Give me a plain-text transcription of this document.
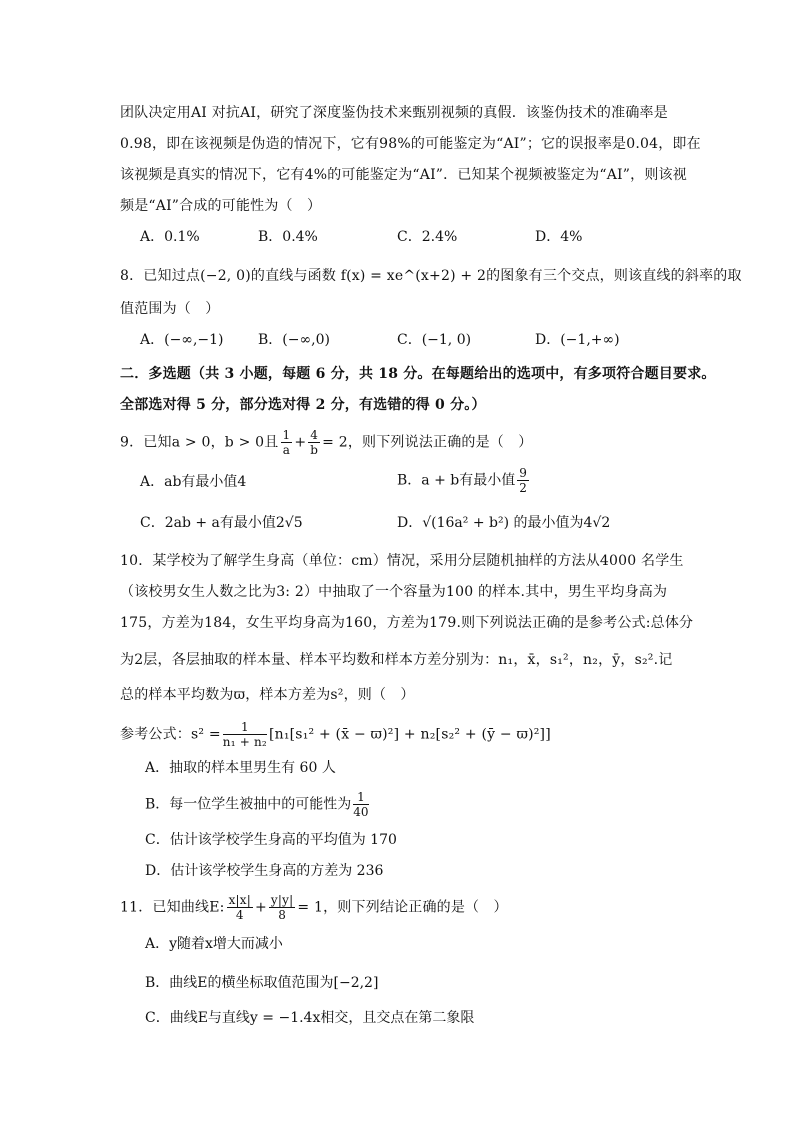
团队决定用AI 对抗AI，研究了深度鉴伪技术来甄别视频的真假．该鉴伪技术的准确率是
0.98，即在该视频是伪造的情况下，它有98%的可能鉴定为“AI”；它的误报率是0.04，即在
该视频是真实的情况下，它有4%的可能鉴定为“AI”．已知某个视频被鉴定为“AI”，则该视
频是“AI”合成的可能性为（　）
A．0.1%	B．0.4%	C．2.4%	D．4%
8．已知过点(−2, 0)的直线与函数 f(x) = xe^(x+2) + 2的图象有三个交点，则该直线的斜率的取
值范围为（　）
A．(−∞,−1) B．(−∞,0)	C．(−1, 0)	D．(−1,+∞)
二．多选题（共 3 小题，每题 6 分，共 18 分。在每题给出的选项中，有多项符合题目要求。
全部选对得 5 分，部分选对得 2 分，有选错的得 0 分。）
9．已知a > 0，b > 0且 $\frac{1}{a} + \frac{4}{b} = 2$，则下列说法正确的是（　）
A．ab有最小值4	B．a + b有最小值 $\frac{9}{2}$
C．2ab + a有最小值2√5	D．√(16a² + b²) 的最小值为4√2
10．某学校为了解学生身高（单位：cm）情况，采用分层随机抽样的方法从4000 名学生
（该校男女生人数之比为3: 2）中抽取了一个容量为100 的样本.其中，男生平均身高为
175，方差为184，女生平均身高为160，方差为179.则下列说法正确的是参考公式:总体分
为2层，各层抽取的样本量、样本平均数和样本方差分别为：n₁，x̄，s₁²，n₂，ȳ，s₂².记
总的样本平均数为ϖ，样本方差为s²，则（　）
参考公式：$s^2 = \frac{1}{\text{n₁ + n₂}} [n_1[s_1^2$ + (x̄ − ϖ)²] + n₂[s₂² + (ȳ − ϖ)²]]
A．抽取的样本里男生有 60 人
B．每一位学生被抽中的可能性为 $\frac{1}{40}$
C．估计该学校学生身高的平均值为 170
D．估计该学校学生身高的方差为 236
11．已知曲线E: $\frac{x|x|}{4} + \frac{y|y|}{8} = 1$，则下列结论正确的是（　）
A．y随着x增大而减小
B．曲线E的横坐标取值范围为[−2,2]
C．曲线E与直线y = −1.4x相交，且交点在第二象限
